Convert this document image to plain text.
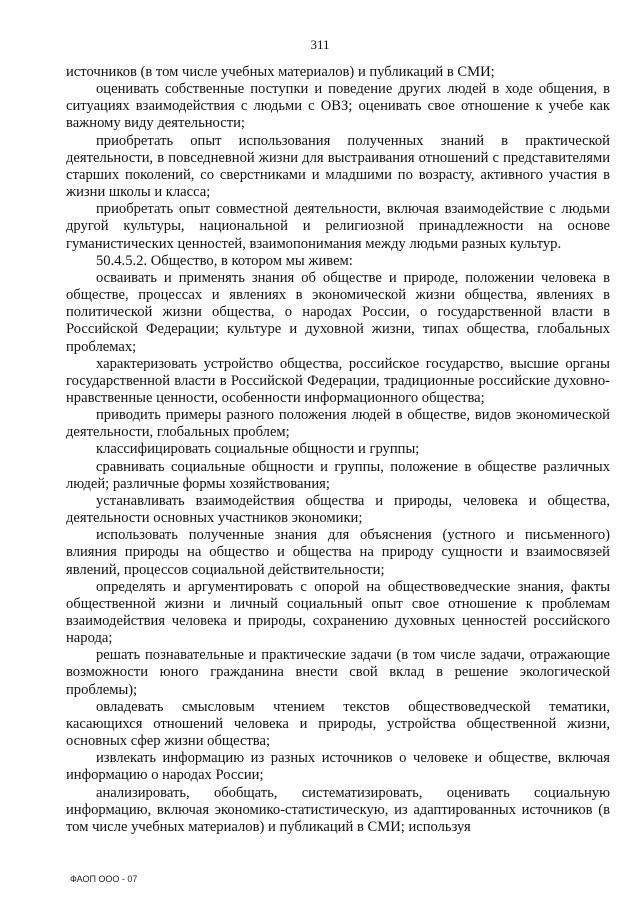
311

источников (в том числе учебных материалов) и публикаций в СМИ;

оценивать собственные поступки и поведение других людей в ходе общения, в ситуациях взаимодействия с людьми с ОВЗ; оценивать свое отношение к учебе как важному виду деятельности;

приобретать опыт использования полученных знаний в практической деятельности, в повседневной жизни для выстраивания отношений с представителями старших поколений, со сверстниками и младшими по возрасту, активного участия в жизни школы и класса;

приобретать опыт совместной деятельности, включая взаимодействие с людьми другой культуры, национальной и религиозной принадлежности на основе гуманистических ценностей, взаимопонимания между людьми разных культур.

50.4.5.2. Общество, в котором мы живем:

осваивать и применять знания об обществе и природе, положении человека в обществе, процессах и явлениях в экономической жизни общества, явлениях в политической жизни общества, о народах России, о государственной власти в Российской Федерации; культуре и духовной жизни, типах общества, глобальных проблемах;

характеризовать устройство общества, российское государство, высшие органы государственной власти в Российской Федерации, традиционные российские духовно-нравственные ценности, особенности информационного общества;

приводить примеры разного положения людей в обществе, видов экономической деятельности, глобальных проблем;

классифицировать социальные общности и группы;

сравнивать социальные общности и группы, положение в обществе различных людей; различные формы хозяйствования;

устанавливать взаимодействия общества и природы, человека и общества, деятельности основных участников экономики;

использовать полученные знания для объяснения (устного и письменного) влияния природы на общество и общества на природу сущности и взаимосвязей явлений, процессов социальной действительности;

определять и аргументировать с опорой на обществоведческие знания, факты общественной жизни и личный социальный опыт свое отношение к проблемам взаимодействия человека и природы, сохранению духовных ценностей российского народа;

решать познавательные и практические задачи (в том числе задачи, отражающие возможности юного гражданина внести свой вклад в решение экологической проблемы);

овладевать смысловым чтением текстов обществоведческой тематики, касающихся отношений человека и природы, устройства общественной жизни, основных сфер жизни общества;

извлекать информацию из разных источников о человеке и обществе, включая информацию о народах России;

анализировать, обобщать, систематизировать, оценивать социальную информацию, включая экономико-статистическую, из адаптированных источников (в том числе учебных материалов) и публикаций в СМИ; используя

ФАОП ООО - 07
